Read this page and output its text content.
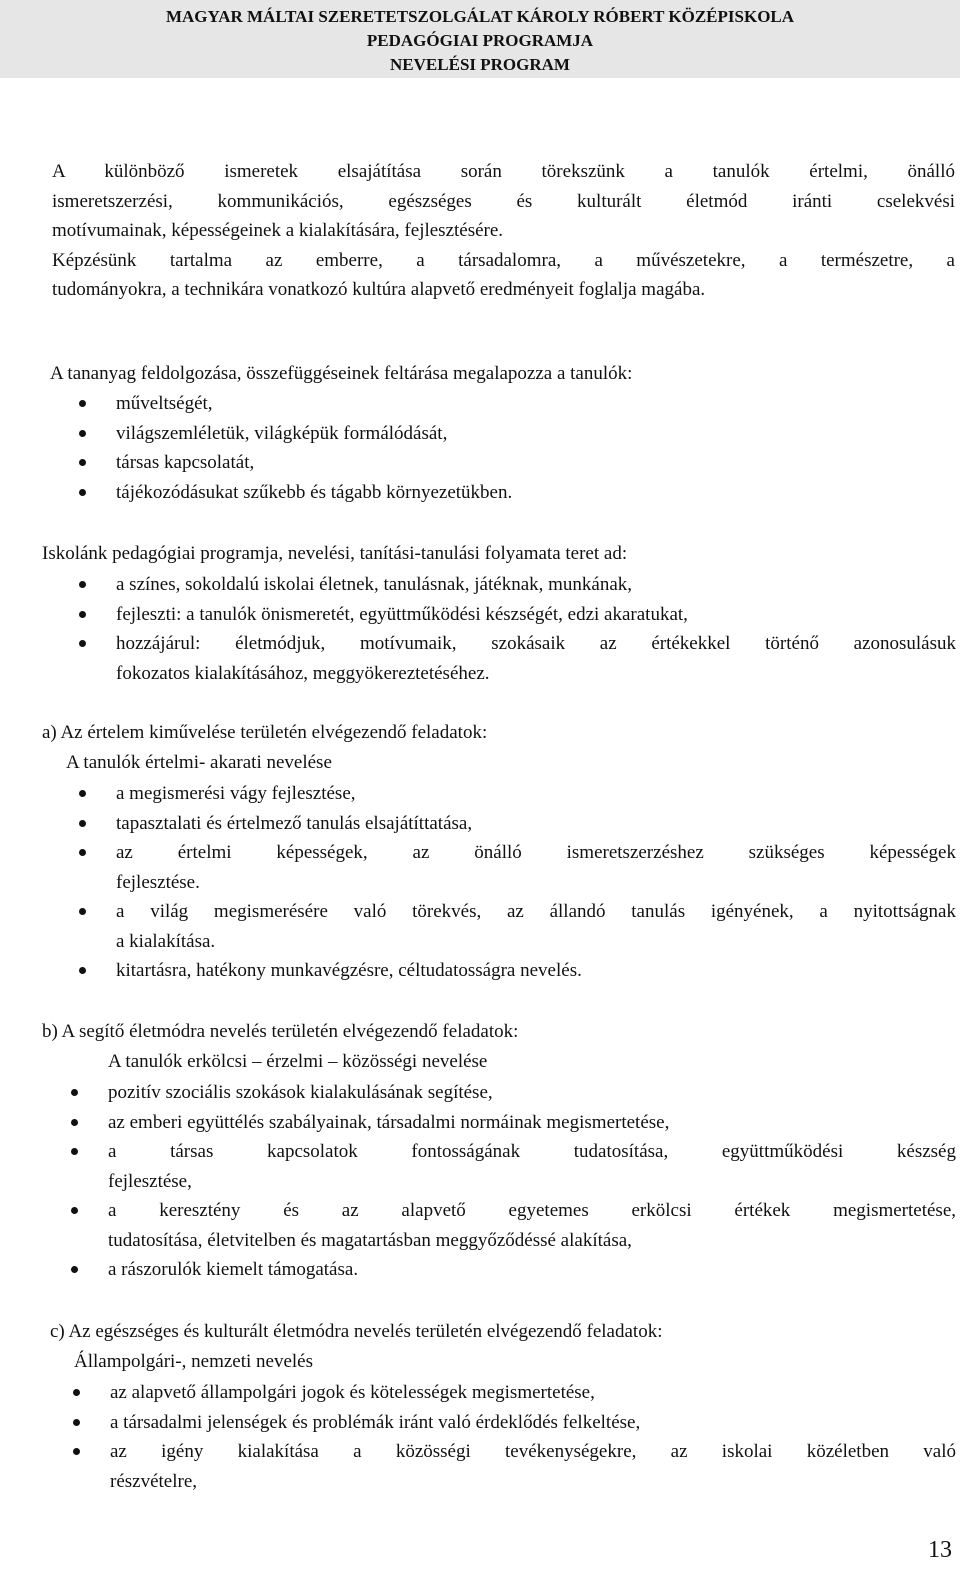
MAGYAR MÁLTAI SZERETETSZOLGÁLAT KÁROLY RÓBERT KÖZÉPISKOLA
PEDAGÓGIAI PROGRAMJA
NEVELÉSI PROGRAM
A különböző ismeretek elsajátítása során törekszünk a tanulók értelmi, önálló
ismeretszerzési, kommunikációs, egészséges és kulturált életmód iránti cselekvési
motívumainak, képességeinek a kialakítására, fejlesztésére.
Képzésünk tartalma az emberre, a társadalomra, a művészetekre, a természetre, a
tudományokra, a technikára vonatkozó kultúra alapvető eredményeit foglalja magába.
A tananyag feldolgozása, összefüggéseinek feltárása megalapozza a tanulók:
műveltségét,
világszemléletük, világképük formálódását,
társas kapcsolatát,
tájékozódásukat szűkebb és tágabb környezetükben.
Iskolánk pedagógiai programja, nevelési, tanítási-tanulási folyamata teret ad:
a színes, sokoldalú iskolai életnek, tanulásnak, játéknak, munkának,
fejleszti: a tanulók önismeretét, együttműködési készségét, edzi akaratukat,
hozzájárul: életmódjuk, motívumaik, szokásaik az értékekkel történő azonosulásuk
fokozatos kialakításához, meggyökereztetéséhez.
a) Az értelem kiművelése területén elvégezendő feladatok:
A tanulók értelmi- akarati nevelése
a megismerési vágy fejlesztése,
tapasztalati és értelmező tanulás elsajátíttatása,
az értelmi képességek, az önálló ismeretszerzéshez szükséges képességek
fejlesztése.
a világ megismerésére való törekvés, az állandó tanulás igényének, a nyitottságnak
a kialakítása.
kitartásra, hatékony munkavégzésre, céltudatosságra nevelés.
b) A segítő életmódra nevelés területén elvégezendő feladatok:
A tanulók erkölcsi – érzelmi – közösségi nevelése
pozitív szociális szokások kialakulásának segítése,
az emberi együttélés szabályainak, társadalmi normáinak megismertetése,
a társas kapcsolatok fontosságának tudatosítása, együttműködési készség
fejlesztése,
a keresztény és az alapvető egyetemes erkölcsi értékek megismertetése,
tudatosítása, életvitelben és magatartásban meggyőződéssé alakítása,
a rászorulók kiemelt támogatása.
c) Az egészséges és kulturált életmódra nevelés területén elvégezendő feladatok:
Állampolgári-, nemzeti nevelés
az alapvető állampolgári jogok és kötelességek megismertetése,
a társadalmi jelenségek és problémák iránt való érdeklődés felkeltése,
az igény kialakítása a közösségi tevékenységekre, az iskolai közéletben való
részvételre,
13
